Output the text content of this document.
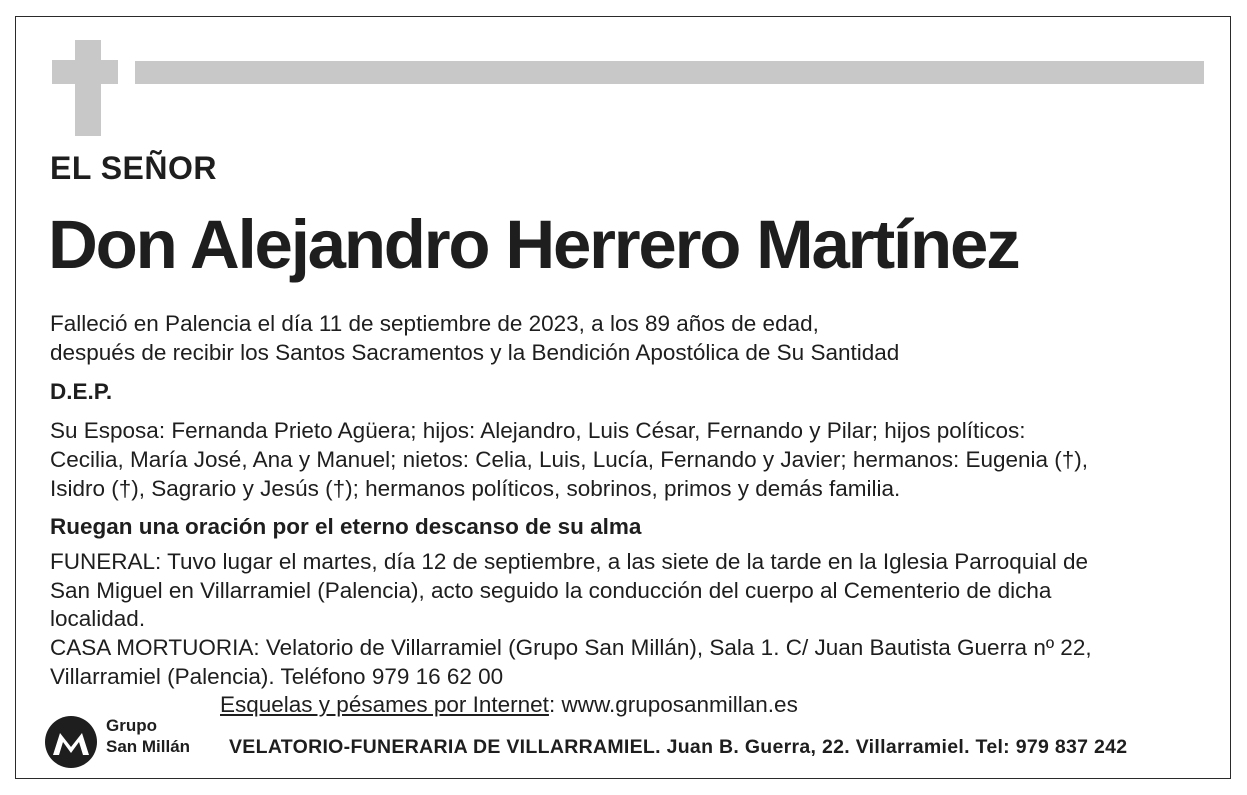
EL SEÑOR
Don Alejandro Herrero Martínez
Falleció en Palencia el día 11 de septiembre de 2023, a los 89 años de edad,
después de recibir los Santos Sacramentos y la Bendición Apostólica de Su Santidad
D.E.P.
Su Esposa: Fernanda Prieto Agüera; hijos: Alejandro, Luis César, Fernando y Pilar; hijos políticos:
Cecilia, María José, Ana y Manuel; nietos: Celia, Luis, Lucía, Fernando y Javier; hermanos: Eugenia (†),
Isidro (†), Sagrario y Jesús (†); hermanos políticos, sobrinos, primos y demás familia.
Ruegan una oración por el eterno descanso de su alma
FUNERAL: Tuvo lugar el martes, día 12 de septiembre, a las siete de la tarde en la Iglesia Parroquial de
San Miguel en Villarramiel (Palencia), acto seguido la conducción del cuerpo al Cementerio de dicha
localidad.
CASA MORTUORIA: Velatorio de Villarramiel (Grupo San Millán), Sala 1. C/ Juan Bautista Guerra nº 22,
Villarramiel (Palencia). Teléfono 979 16 62 00
Esquelas y pésames por Internet: www.gruposanmillan.es
Grupo
San Millán VELATORIO-FUNERARIA DE VILLARRAMIEL. Juan B. Guerra, 22. Villarramiel. Tel: 979 837 242
